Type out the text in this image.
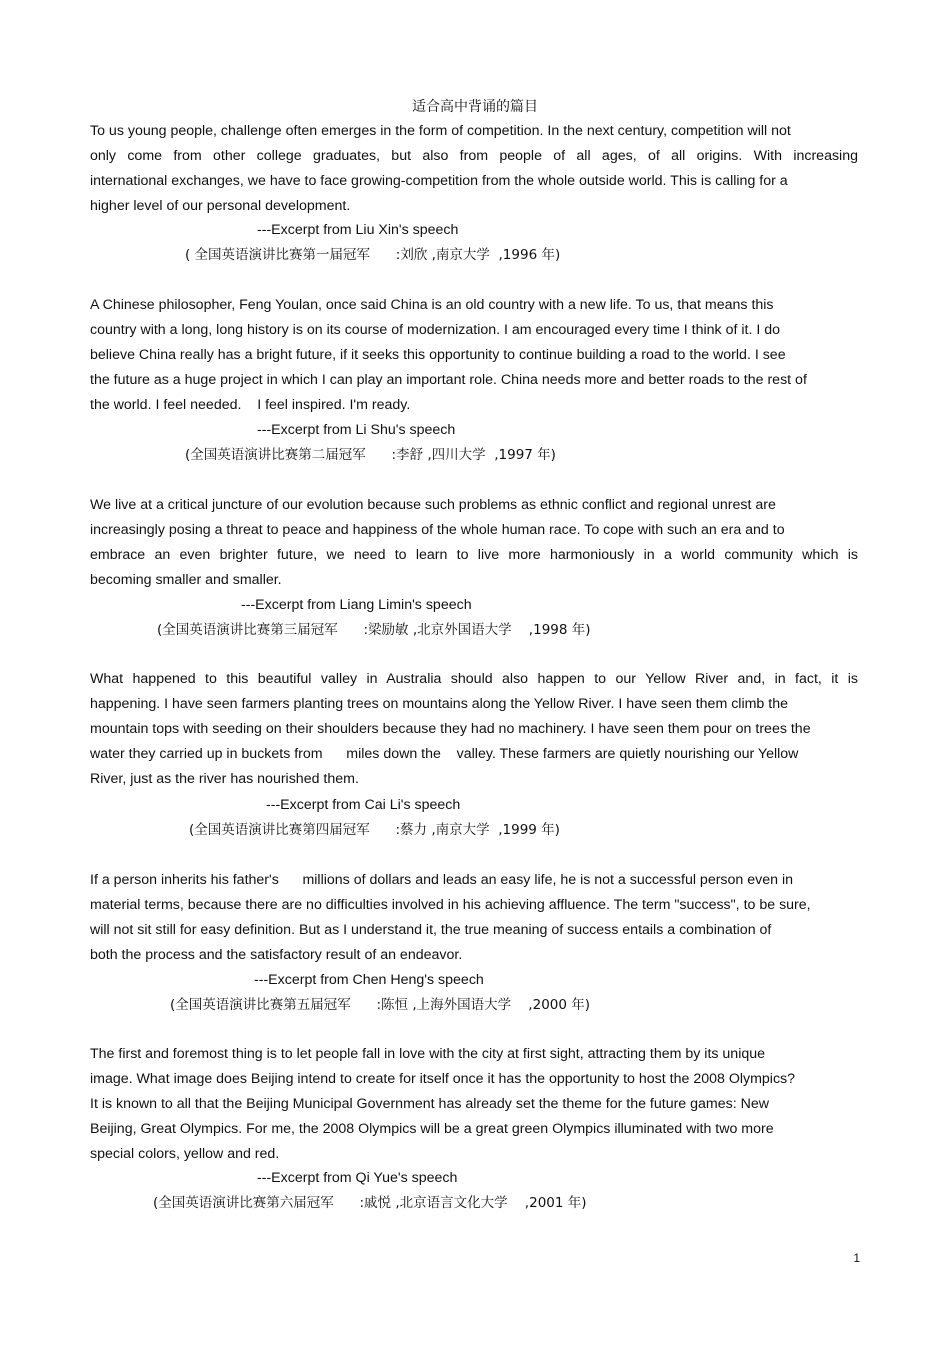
适合高中背诵的篇目
To us young people, challenge often emerges in the form of competition. In the next century, competition will not
only come from other college graduates, but also from people of all ages, of all origins. With increasing
international exchanges, we have to face growing-competition from the whole outside world. This is calling for a
higher level of our personal development.
---Excerpt from Liu Xin's speech
( 全国英语演讲比赛第一届冠军      :刘欣 ,南京大学  ,1996 年)
A Chinese philosopher, Feng Youlan, once said China is an old country with a new life. To us, that means this
country with a long, long history is on its course of modernization. I am encouraged every time I think of it. I do
believe China really has a bright future, if it seeks this opportunity to continue building a road to the world. I see
the future as a huge project in which I can play an important role. China needs more and better roads to the rest of
the world. I feel needed.    I feel inspired. I'm ready.
---Excerpt from Li Shu's speech
(全国英语演讲比赛第二届冠军      :李舒 ,四川大学  ,1997 年)
We live at a critical juncture of our evolution because such problems as ethnic conflict and regional unrest are
increasingly posing a threat to peace and happiness of the whole human race. To cope with such an era and to
embrace an even brighter future, we need to learn to live more harmoniously in a world community which is
becoming smaller and smaller.
---Excerpt from Liang Limin's speech
(全国英语演讲比赛第三届冠军      :梁励敏 ,北京外国语大学    ,1998 年)
What happened to this beautiful valley in Australia should also happen to our Yellow River and, in fact, it is
happening. I have seen farmers planting trees on mountains along the Yellow River. I have seen them climb the
mountain tops with seeding on their shoulders because they had no machinery. I have seen them pour on trees the
water they carried up in buckets from      miles down the    valley. These farmers are quietly nourishing our Yellow
River, just as the river has nourished them.
---Excerpt from Cai Li's speech
(全国英语演讲比赛第四届冠军      :蔡力 ,南京大学  ,1999 年)
If a person inherits his father's      millions of dollars and leads an easy life, he is not a successful person even in
material terms, because there are no difficulties involved in his achieving affluence. The term "success", to be sure,
will not sit still for easy definition. But as I understand it, the true meaning of success entails a combination of
both the process and the satisfactory result of an endeavor.
---Excerpt from Chen Heng's speech
(全国英语演讲比赛第五届冠军      :陈恒 ,上海外国语大学    ,2000 年)
The first and foremost thing is to let people fall in love with the city at first sight, attracting them by its unique
image. What image does Beijing intend to create for itself once it has the opportunity to host the 2008 Olympics?
It is known to all that the Beijing Municipal Government has already set the theme for the future games: New
Beijing, Great Olympics. For me, the 2008 Olympics will be a great green Olympics illuminated with two more
special colors, yellow and red.
---Excerpt from Qi Yue's speech
(全国英语演讲比赛第六届冠军      :戚悦 ,北京语言文化大学    ,2001 年)
1
